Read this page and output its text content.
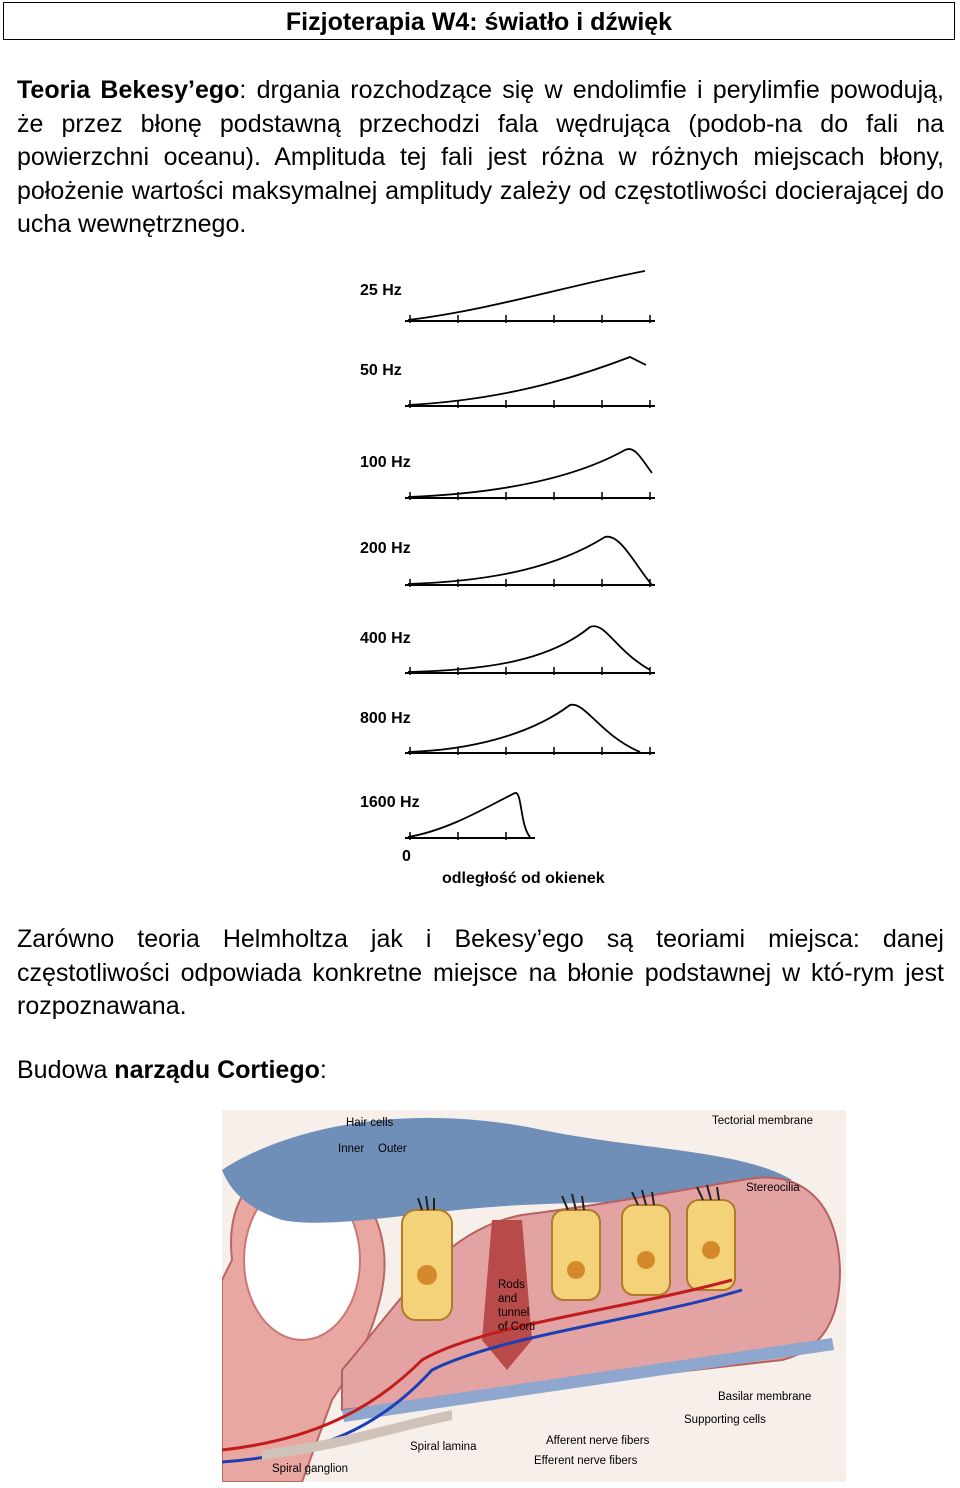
Fizjoterapia W4: światło i dźwięk

Teoria Bekesy’ego: drgania rozchodzące się w endolimfie i perylimfie powodują, że przez błonę podstawną przechodzi fala wędrująca (podob-na do fali na powierzchni oceanu). Amplituda tej fali jest różna w różnych miejscach błony, położenie wartości maksymalnej amplitudy zależy od częstotliwości docierającej do ucha wewnętrznego.

25 Hz
50 Hz
100 Hz
200 Hz
400 Hz
800 Hz
1600 Hz
0
odległość od okienek

Zarówno teoria Helmholtza jak i Bekesy’ego są teoriami miejsca: danej częstotliwości odpowiada konkretne miejsce na błonie podstawnej w któ-rym jest rozpoznawana.

Budowa narządu Cortiego:

Hair cells
Inner Outer
Tectorial membrane
Stereocilia
Rods
and
tunnel
of Corti
Basilar membrane
Supporting cells
Spiral lamina	Afferent nerve fibers
Efferent nerve fibers
Spiral ganglion
